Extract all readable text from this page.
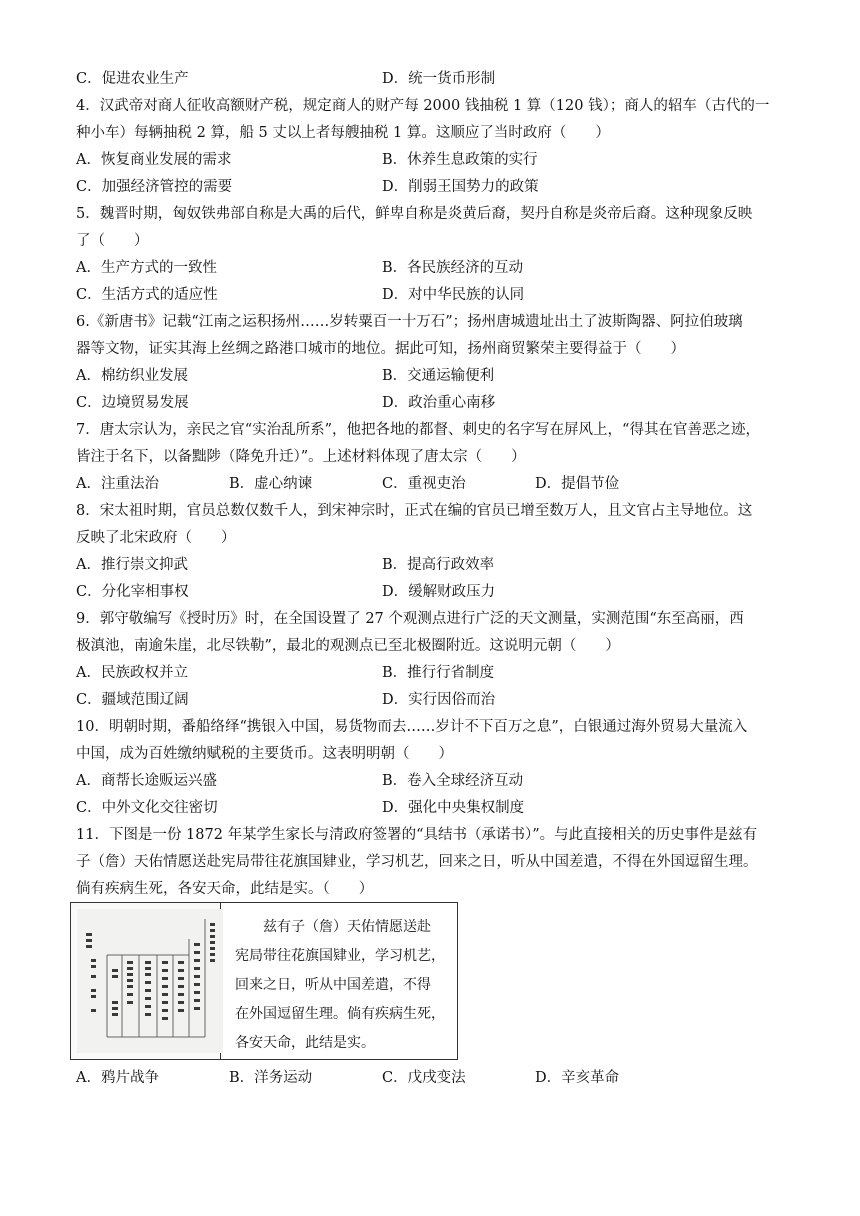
C．促进农业生产	D．统一货币形制
4．汉武帝对商人征收高额财产税，规定商人的财产每 2000 钱抽税 1 算（120 钱）；商人的轺车（古代的一
种小车）每辆抽税 2 算，船 5 丈以上者每艘抽税 1 算。这顺应了当时政府（　　）
A．恢复商业发展的需求	B．休养生息政策的实行
C．加强经济管控的需要	D．削弱王国势力的政策
5．魏晋时期，匈奴铁弗部自称是大禹的后代，鲜卑自称是炎黄后裔，契丹自称是炎帝后裔。这种现象反映
了（　　）
A．生产方式的一致性	B．各民族经济的互动
C．生活方式的适应性	D．对中华民族的认同
6.《新唐书》记载“江南之运积扬州……岁转粟百一十万石”；扬州唐城遗址出土了波斯陶器、阿拉伯玻璃
器等文物，证实其海上丝绸之路港口城市的地位。据此可知，扬州商贸繁荣主要得益于（　　）
A．棉纺织业发展	B．交通运输便利
C．边境贸易发展	D．政治重心南移
7．唐太宗认为，亲民之官“实治乱所系”，他把各地的都督、刺史的名字写在屏风上，“得其在官善恶之迹，
皆注于名下，以备黜陟（降免升迁）”。上述材料体现了唐太宗（　　）
A．注重法治	B．虚心纳谏	C．重视吏治	D．提倡节俭
8．宋太祖时期，官员总数仅数千人，到宋神宗时，正式在编的官员已增至数万人，且文官占主导地位。这
反映了北宋政府（　　）
A．推行崇文抑武	B．提高行政效率
C．分化宰相事权	D．缓解财政压力
9．郭守敬编写《授时历》时，在全国设置了 27 个观测点进行广泛的天文测量，实测范围“东至高丽，西
极滇池，南逾朱崖，北尽铁勒”，最北的观测点已至北极圈附近。这说明元朝（　　）
A．民族政权并立	B．推行行省制度
C．疆域范围辽阔	D．实行因俗而治
10．明朝时期，番船络绎“携银入中国，易货物而去……岁计不下百万之息”，白银通过海外贸易大量流入
中国，成为百姓缴纳赋税的主要货币。这表明明朝（　　）
A．商帮长途贩运兴盛	B．卷入全球经济互动
C．中外文化交往密切	D．强化中央集权制度
11．下图是一份 1872 年某学生家长与清政府签署的“具结书（承诺书）”。与此直接相关的历史事件是兹有
子（詹）天佑情愿送赴宪局带往花旗国肄业，学习机艺，回来之日，听从中国差遣，不得在外国逗留生理。
倘有疾病生死，各安天命，此结是实。（　　）
兹有子（詹）天佑情愿送赴
宪局带往花旗国肄业，学习机艺，
回来之日，听从中国差遣，不得
在外国逗留生理。倘有疾病生死，
各安天命，此结是实。
A．鸦片战争	B．洋务运动	C．戊戌变法	D．辛亥革命
